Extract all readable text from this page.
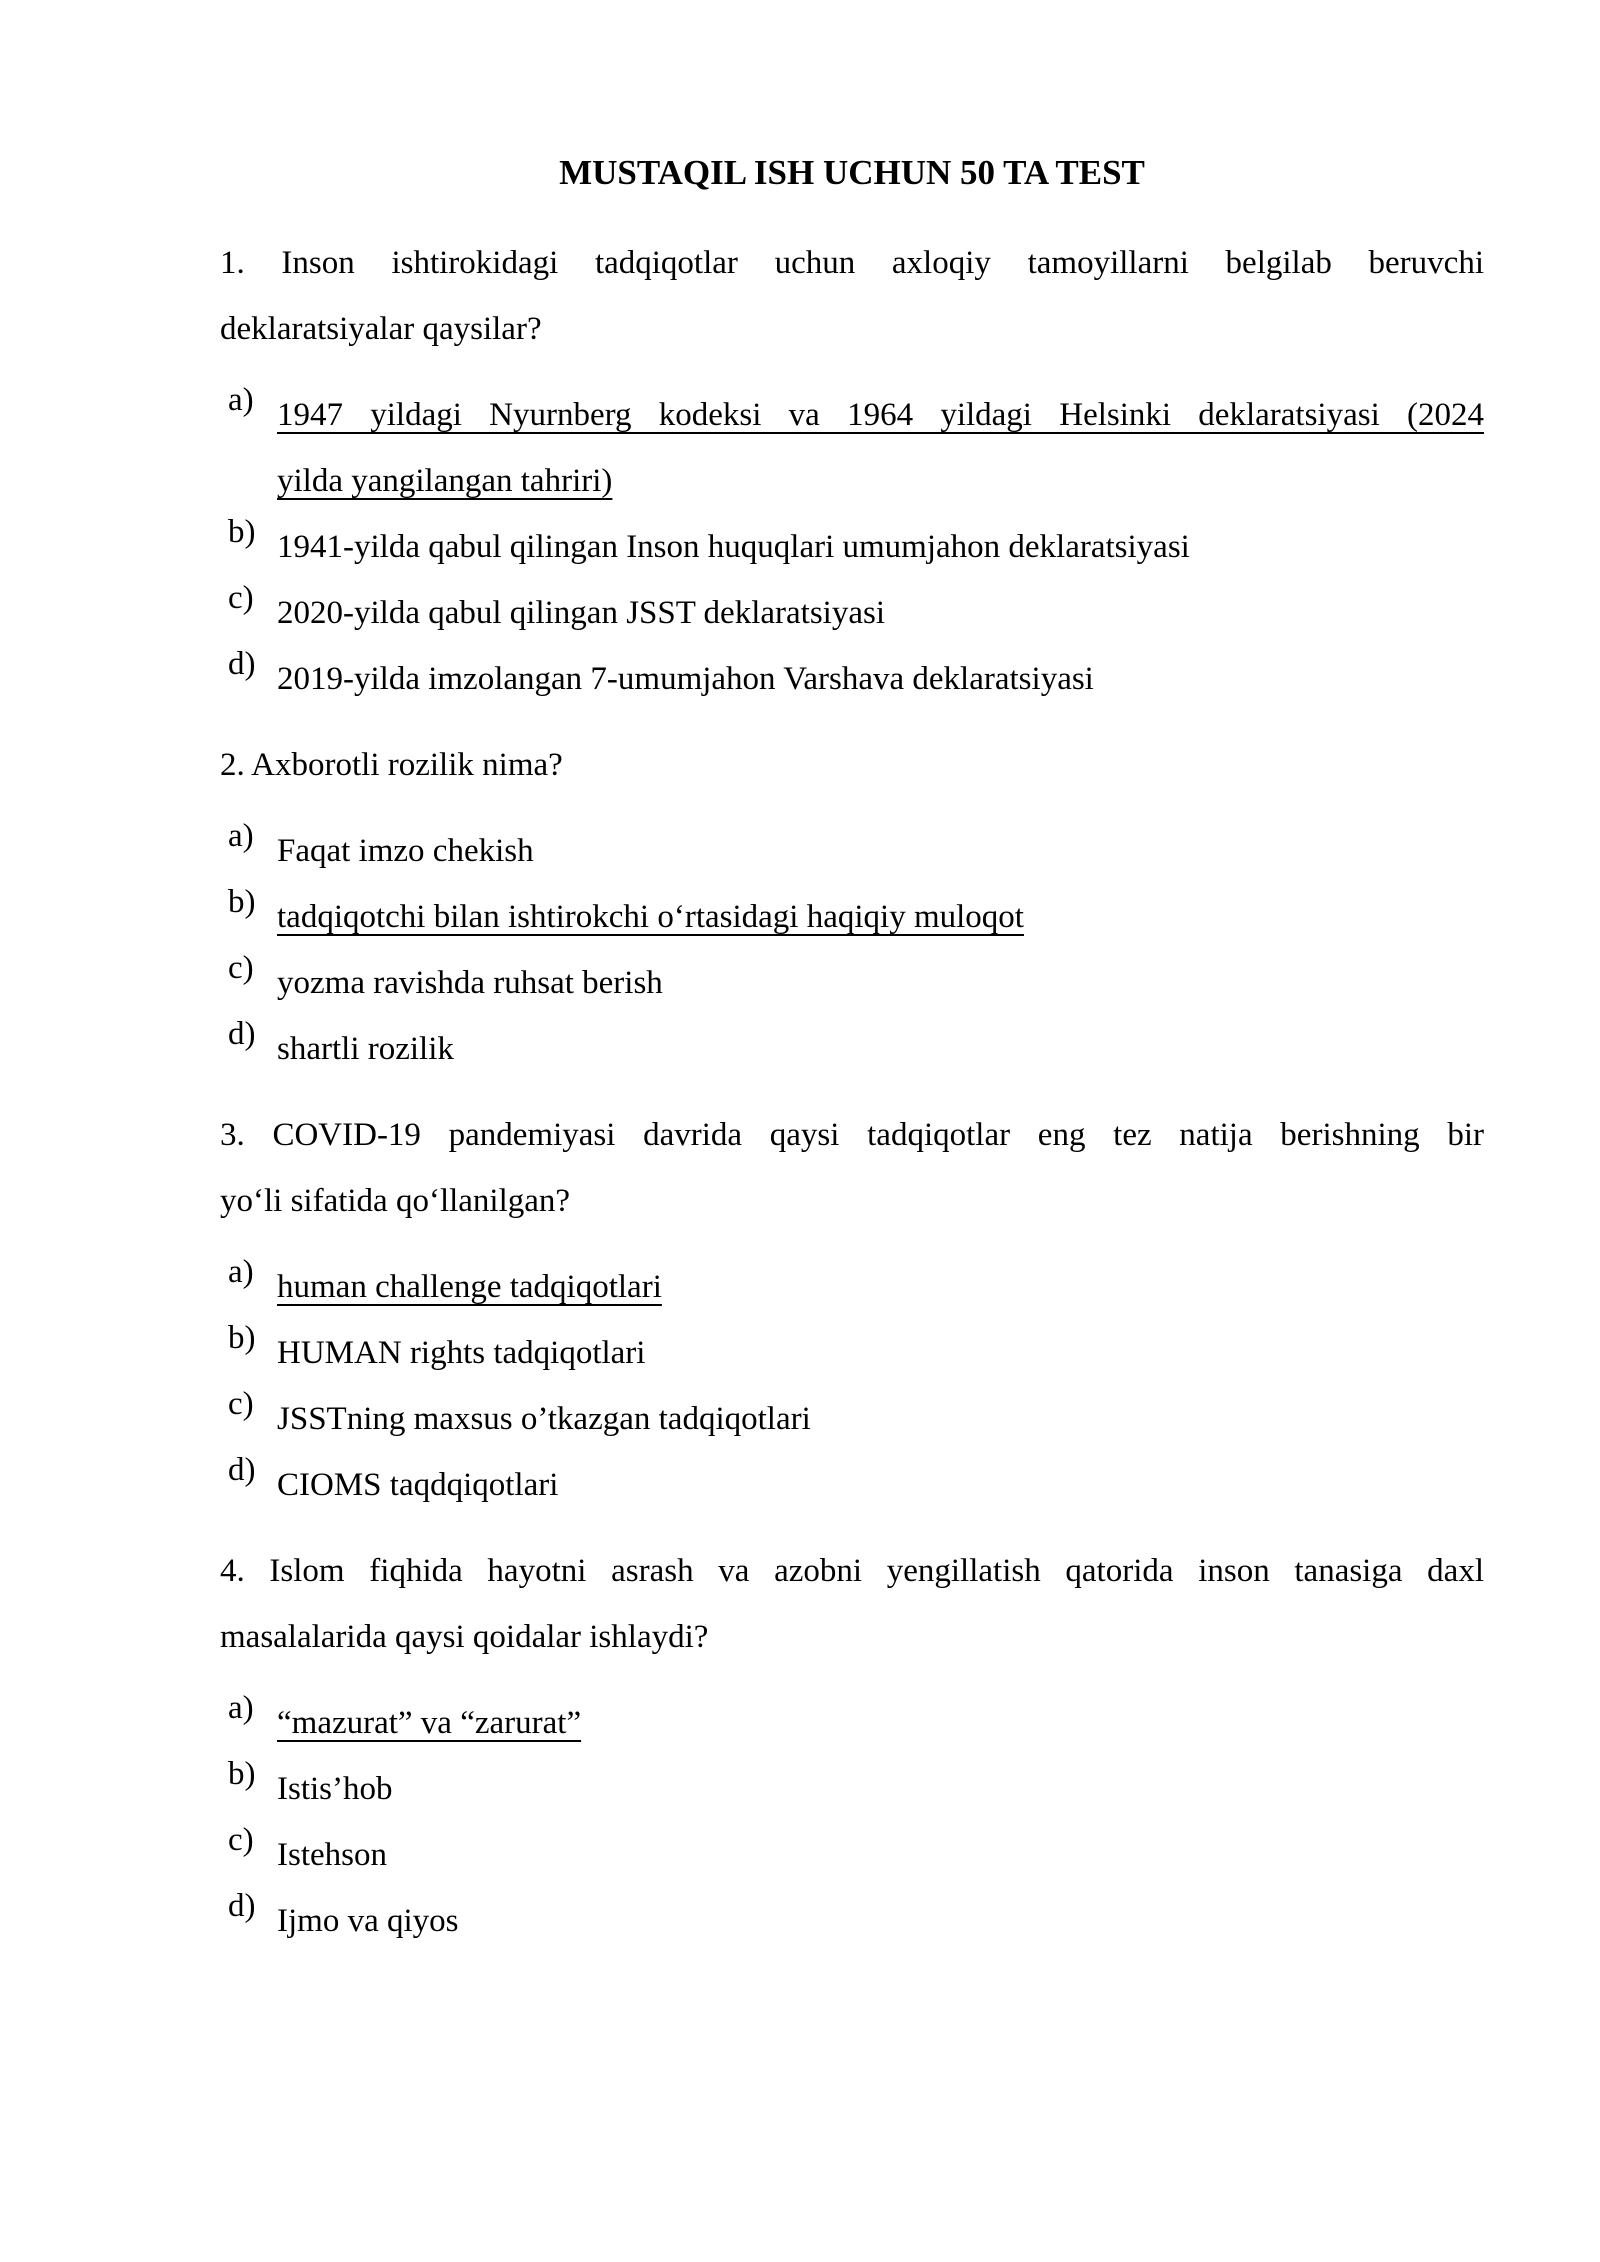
MUSTAQIL ISH UCHUN 50 TA TEST
1. Inson ishtirokidagi tadqiqotlar uchun axloqiy tamoyillarni belgilab beruvchi
deklaratsiyalar qaysilar?
a) 1947 yildagi Nyurnberg kodeksi va 1964 yildagi Helsinki deklaratsiyasi (2024
yilda yangilangan tahriri)
b) 1941-yilda qabul qilingan Inson huquqlari umumjahon deklaratsiyasi
c) 2020-yilda qabul qilingan JSST deklaratsiyasi
d) 2019-yilda imzolangan 7-umumjahon Varshava deklaratsiyasi
2. Axborotli rozilik nima?
a) Faqat imzo chekish
b) tadqiqotchi bilan ishtirokchi o‘rtasidagi haqiqiy muloqot
c) yozma ravishda ruhsat berish
d) shartli rozilik
3. COVID-19 pandemiyasi davrida qaysi tadqiqotlar eng tez natija berishning bir
yo‘li sifatida qo‘llanilgan?
a) human challenge tadqiqotlari
b) HUMAN rights tadqiqotlari
c) JSSTning maxsus o’tkazgan tadqiqotlari
d) CIOMS taqdqiqotlari
4. Islom fiqhida hayotni asrash va azobni yengillatish qatorida inson tanasiga daxl
masalalarida qaysi qoidalar ishlaydi?
a) “mazurat” va “zarurat”
b) Istis’hob
c) Istehson
d) Ijmo va qiyos
